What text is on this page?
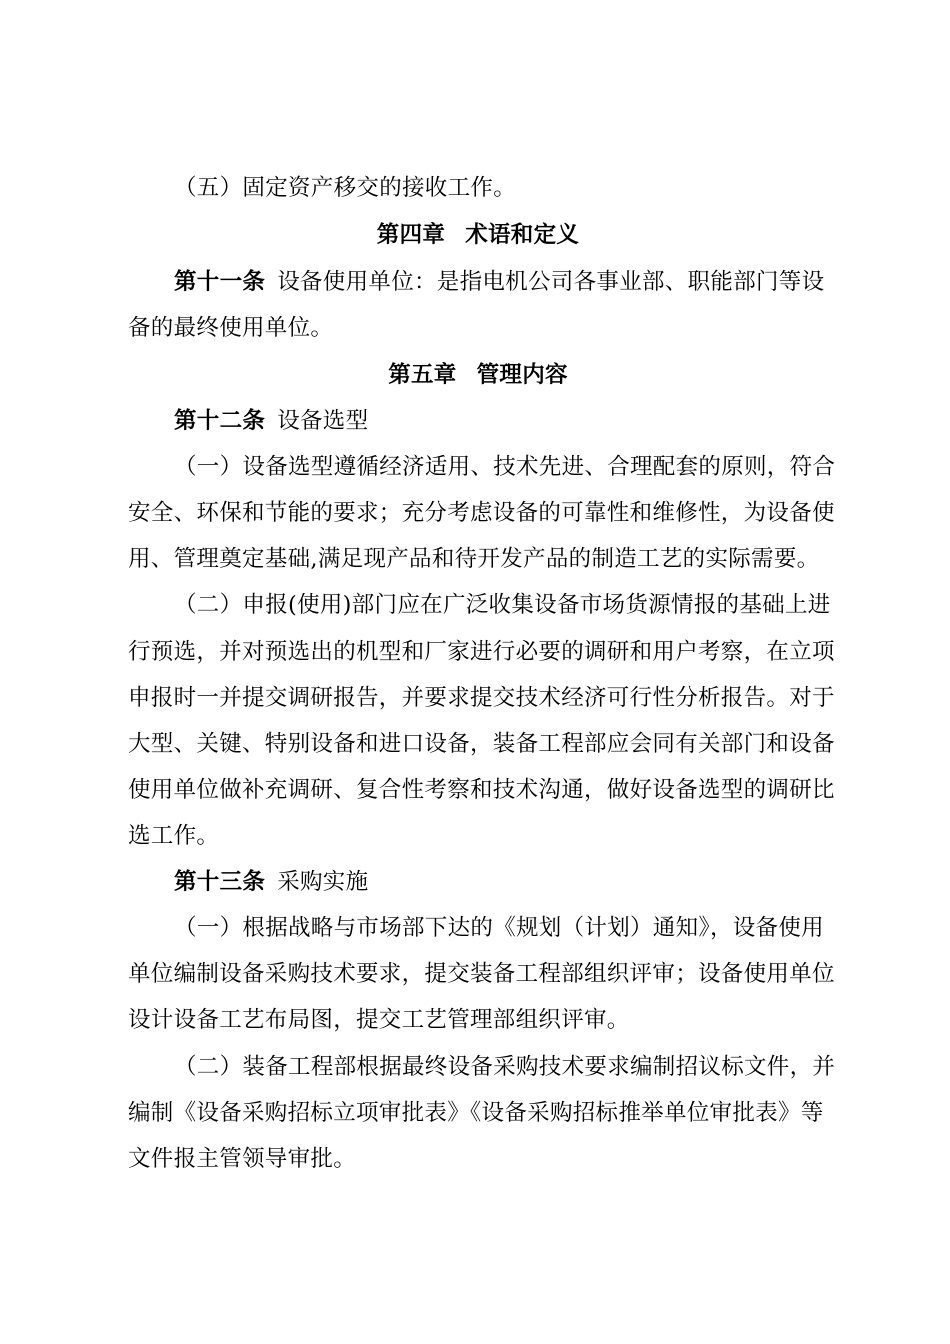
（五）固定资产移交的接收工作。
第四章 术语和定义
第十一条 设备使用单位：是指电机公司各事业部、职能部门等设
备的最终使用单位。
第五章 管理内容
第十二条 设备选型
（一）设备选型遵循经济适用、技术先进、合理配套的原则，符合
安全、环保和节能的要求；充分考虑设备的可靠性和维修性，为设备使
用、管理奠定基础,满足现产品和待开发产品的制造工艺的实际需要。
（二）申报(使用)部门应在广泛收集设备市场货源情报的基础上进
行预选，并对预选出的机型和厂家进行必要的调研和用户考察，在立项
申报时一并提交调研报告，并要求提交技术经济可行性分析报告。对于
大型、关键、特别设备和进口设备，装备工程部应会同有关部门和设备
使用单位做补充调研、复合性考察和技术沟通，做好设备选型的调研比
选工作。
第十三条 采购实施
（一）根据战略与市场部下达的《规划（计划）通知》，设备使用
单位编制设备采购技术要求，提交装备工程部组织评审；设备使用单位
设计设备工艺布局图，提交工艺管理部组织评审。
（二）装备工程部根据最终设备采购技术要求编制招议标文件，并
编制《设备采购招标立项审批表》《设备采购招标推举单位审批表》等
文件报主管领导审批。
